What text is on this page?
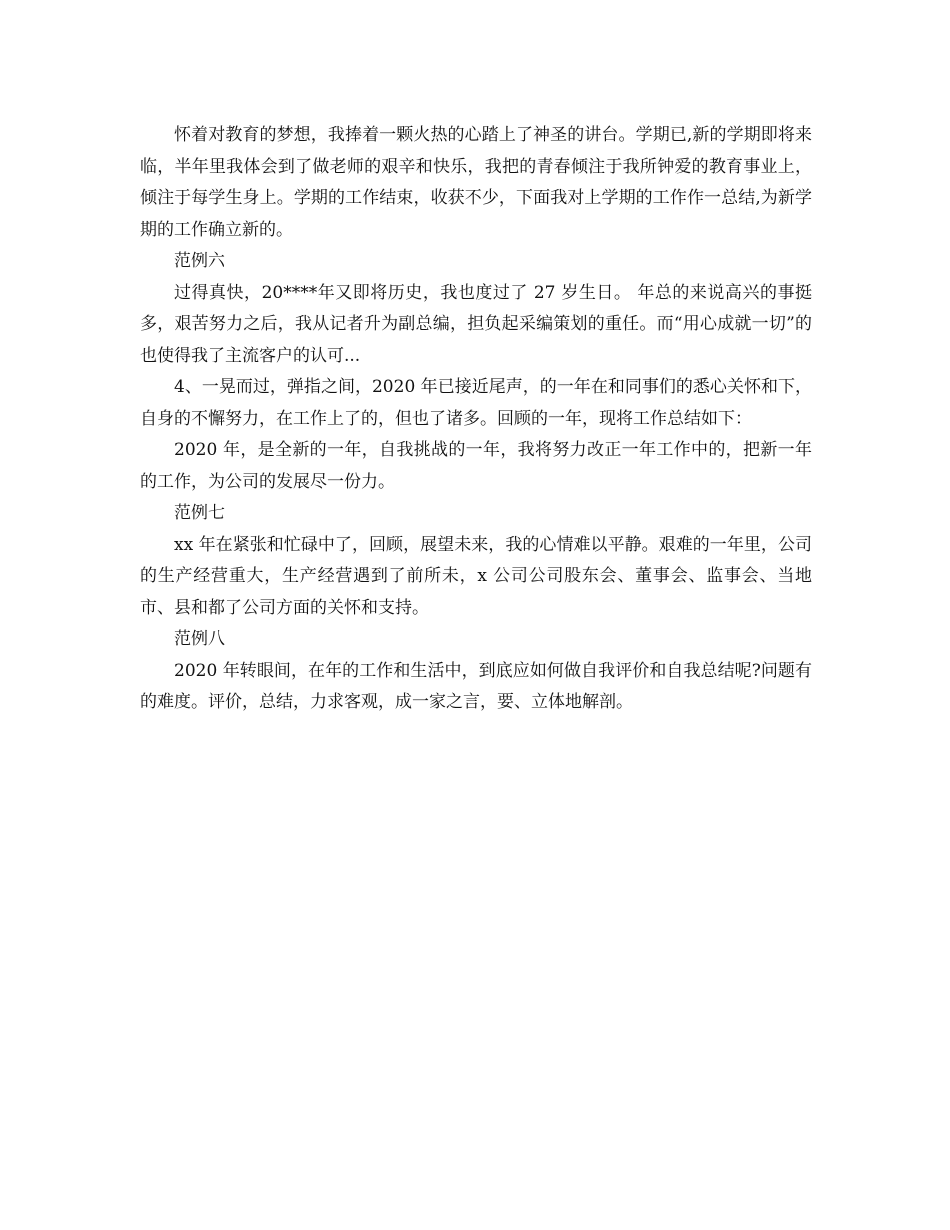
怀着对教育的梦想，我捧着一颗火热的心踏上了神圣的讲台。学期已,新的学期即将来临，半年里我体会到了做老师的艰辛和快乐，我把的青春倾注于我所钟爱的教育事业上，倾注于每学生身上。学期的工作结束，收获不少，下面我对上学期的工作作一总结,为新学期的工作确立新的。

范例六

过得真快，20****年又即将历史，我也度过了 27 岁生日。 年总的来说高兴的事挺多，艰苦努力之后，我从记者升为副总编，担负起采编策划的重任。而“用心成就一切”的也使得我了主流客户的认可...

4、一晃而过，弹指之间，2020 年已接近尾声，的一年在和同事们的悉心关怀和下，自身的不懈努力，在工作上了的，但也了诸多。回顾的一年，现将工作总结如下：

2020 年，是全新的一年，自我挑战的一年，我将努力改正一年工作中的，把新一年的工作，为公司的发展尽一份力。

范例七

xx 年在紧张和忙碌中了，回顾，展望未来，我的心情难以平静。艰难的一年里，公司的生产经营重大，生产经营遇到了前所未，x 公司公司股东会、董事会、监事会、当地市、县和都了公司方面的关怀和支持。

范例八

2020 年转眼间，在年的工作和生活中，到底应如何做自我评价和自我总结呢?问题有的难度。评价，总结，力求客观，成一家之言，要、立体地解剖。
